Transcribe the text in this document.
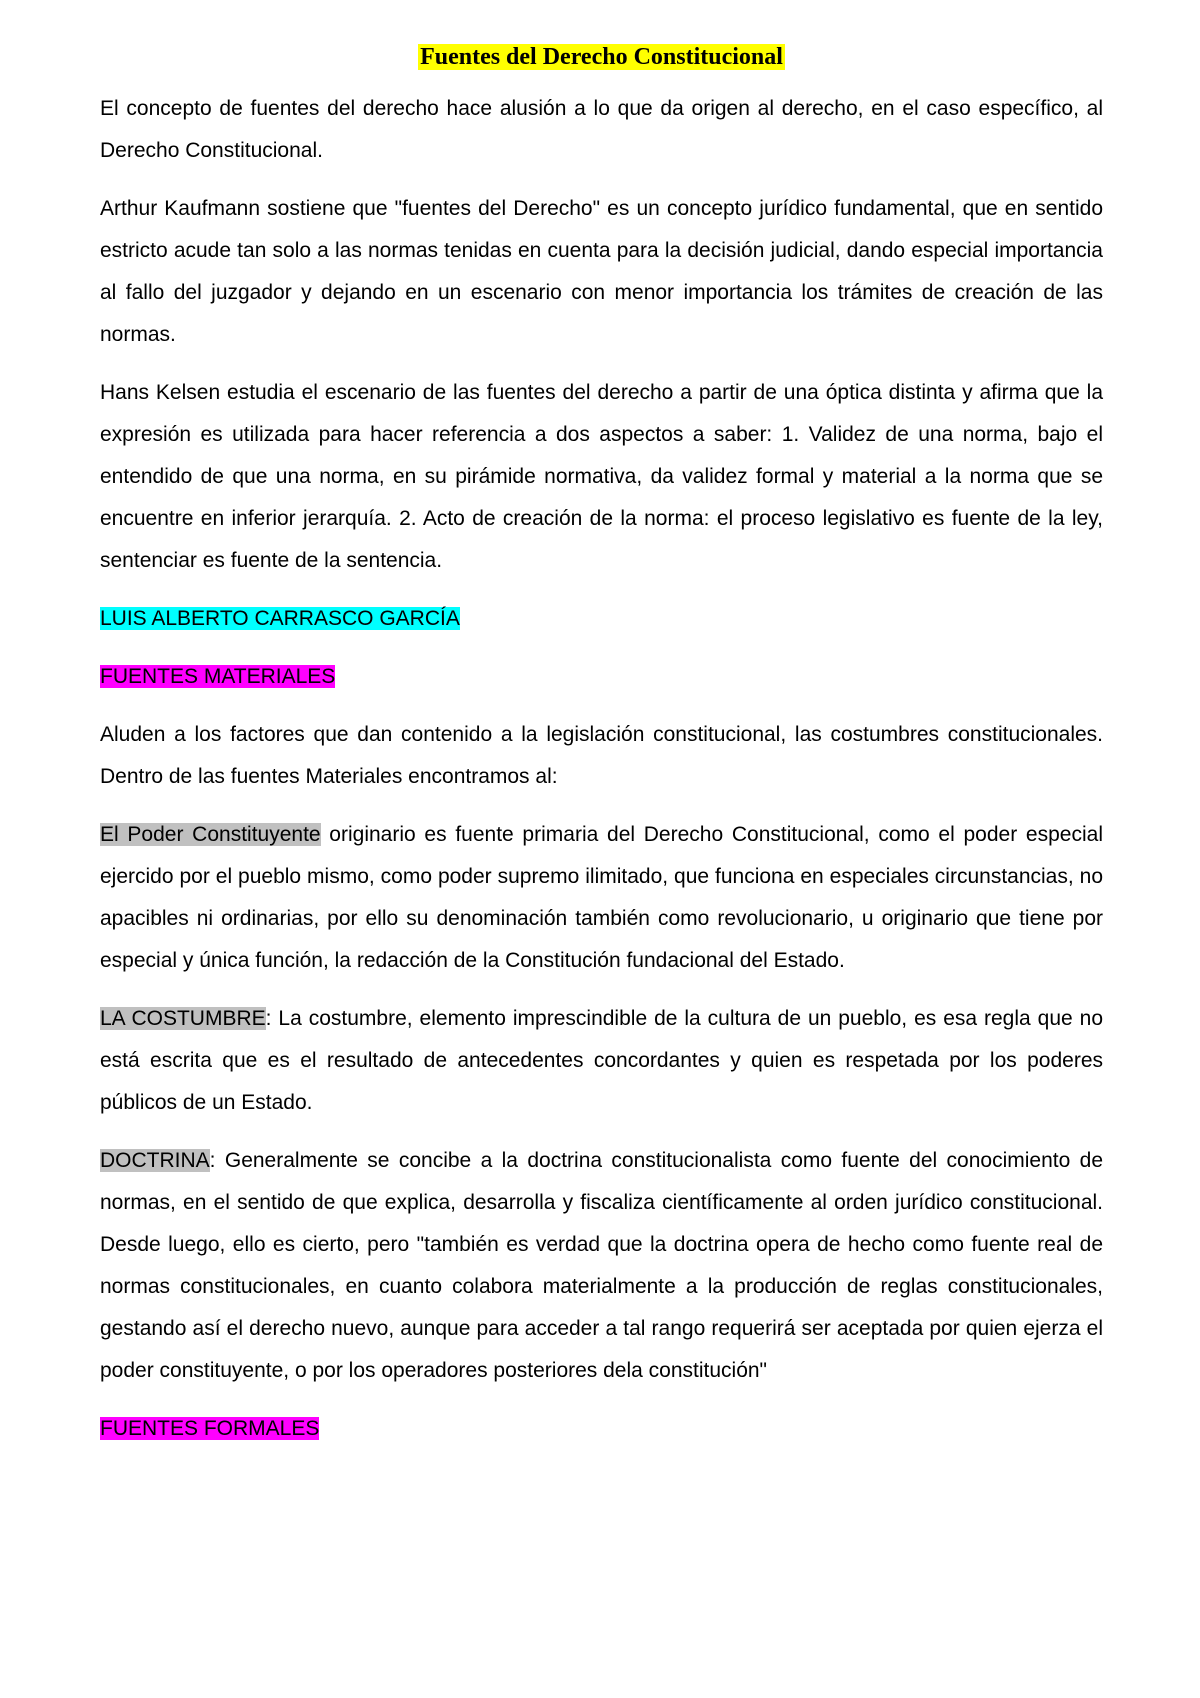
Fuentes del Derecho Constitucional

El concepto de fuentes del derecho hace alusión a lo que da origen al derecho, en el caso específico, al Derecho Constitucional.

Arthur Kaufmann sostiene que "fuentes del Derecho" es un concepto jurídico fundamental, que en sentido estricto acude tan solo a las normas tenidas en cuenta para la decisión judicial, dando especial importancia al fallo del juzgador y dejando en un escenario con menor importancia los trámites de creación de las normas.

Hans Kelsen estudia el escenario de las fuentes del derecho a partir de una óptica distinta y afirma que la expresión es utilizada para hacer referencia a dos aspectos a saber: 1. Validez de una norma, bajo el entendido de que una norma, en su pirámide normativa, da validez formal y material a la norma que se encuentre en inferior jerarquía. 2. Acto de creación de la norma: el proceso legislativo es fuente de la ley, sentenciar es fuente de la sentencia.

LUIS ALBERTO CARRASCO GARCÍA

FUENTES MATERIALES

Aluden a los factores que dan contenido a la legislación constitucional, las costumbres constitucionales. Dentro de las fuentes Materiales encontramos al:

El Poder Constituyente originario es fuente primaria del Derecho Constitucional, como el poder especial ejercido por el pueblo mismo, como poder supremo ilimitado, que funciona en especiales circunstancias, no apacibles ni ordinarias, por ello su denominación también como revolucionario, u originario que tiene por especial y única función, la redacción de la Constitución fundacional del Estado.

LA COSTUMBRE: La costumbre, elemento imprescindible de la cultura de un pueblo, es esa regla que no está escrita que es el resultado de antecedentes concordantes y quien es respetada por los poderes públicos de un Estado.

DOCTRINA: Generalmente se concibe a la doctrina constitucionalista como fuente del conocimiento de normas, en el sentido de que explica, desarrolla y fiscaliza científicamente al orden jurídico constitucional. Desde luego, ello es cierto, pero "también es verdad que la doctrina opera de hecho como fuente real de normas constitucionales, en cuanto colabora materialmente a la producción de reglas constitucionales, gestando así el derecho nuevo, aunque para acceder a tal rango requerirá ser aceptada por quien ejerza el poder constituyente, o por los operadores posteriores dela constitución"

FUENTES FORMALES
